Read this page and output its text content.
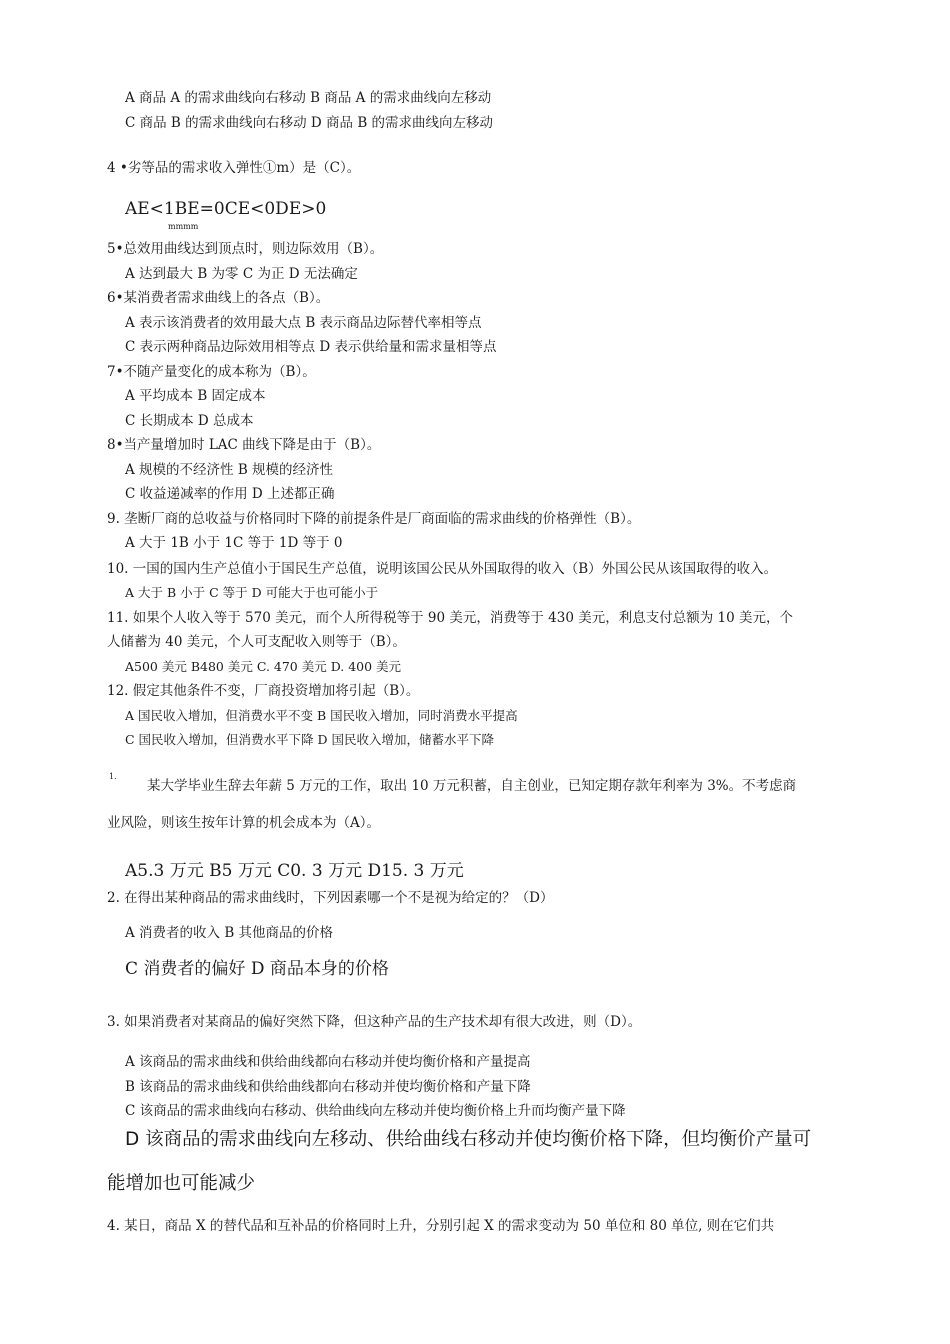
A 商品 A 的需求曲线向右移动 B 商品 A 的需求曲线向左移动
C 商品 B 的需求曲线向右移动 D 商品 B 的需求曲线向左移动
4 •劣等品的需求收入弹性①m）是（C）。
AE<1BE=0CE<0DE>0
mmmm
5•总效用曲线达到顶点时，则边际效用（B）。
A 达到最大 B 为零 C 为正 D 无法确定
6•某消费者需求曲线上的各点（B）。
A 表示该消费者的效用最大点 B 表示商品边际替代率相等点
C 表示两种商品边际效用相等点 D 表示供给量和需求量相等点
7•不随产量变化的成本称为（B）。
A 平均成本 B 固定成本
C 长期成本 D 总成本
8•当产量增加时 LAC 曲线下降是由于（B）。
A 规模的不经济性 B 规模的经济性
C 收益递减率的作用 D 上述都正确
9. 垄断厂商的总收益与价格同时下降的前提条件是厂商面临的需求曲线的价格弹性（B）。
A 大于 1B 小于 1C 等于 1D 等于 0
10. 一国的国内生产总值小于国民生产总值，说明该国公民从外国取得的收入（B）外国公民从该国取得的收入。
A 大于 B 小于 C 等于 D 可能大于也可能小于
11. 如果个人收入等于 570 美元，而个人所得税等于 90 美元，消费等于 430 美元，利息支付总额为 10 美元，个
人储蓄为 40 美元，个人可支配收入则等于（B）。
A500 美元 B480 美元 C. 470 美元 D. 400 美元
12. 假定其他条件不变，厂商投资增加将引起（B）。
A 国民收入增加，但消费水平不变 B 国民收入增加，同时消费水平提高
C 国民收入增加，但消费水平下降 D 国民收入增加，储蓄水平下降
1.
某大学毕业生辞去年薪 5 万元的工作，取出 10 万元积蓄，自主创业，已知定期存款年利率为 3%。不考虑商
业风险，则该生按年计算的机会成本为（A）。
A5.3 万元 B5 万元 C0. 3 万元 D15. 3 万元
2. 在得出某种商品的需求曲线时，下列因素哪一个不是视为给定的？（D）
A 消费者的收入 B 其他商品的价格
C 消费者的偏好 D 商品本身的价格
3. 如果消费者对某商品的偏好突然下降，但这种产品的生产技术却有很大改进，则（D）。
A 该商品的需求曲线和供给曲线都向右移动并使均衡价格和产量提高
B 该商品的需求曲线和供给曲线都向右移动并使均衡价格和产量下降
C 该商品的需求曲线向右移动、供给曲线向左移动并使均衡价格上升而均衡产量下降
D 该商品的需求曲线向左移动、供给曲线右移动并使均衡价格下降，但均衡价产量可
能增加也可能减少
4. 某日，商品 X 的替代品和互补品的价格同时上升，分别引起 X 的需求变动为 50 单位和 80 单位, 则在它们共
